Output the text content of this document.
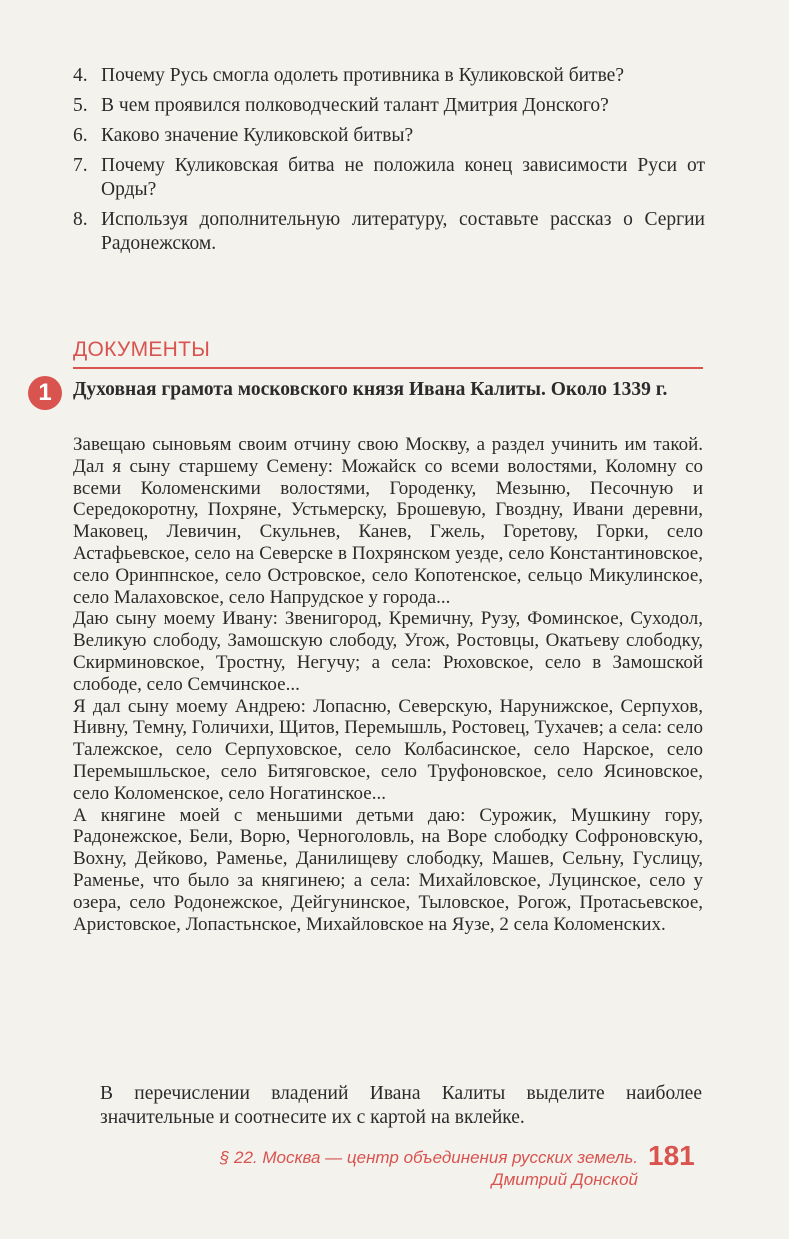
4. Почему Русь смогла одолеть противника в Куликовской битве?
5. В чем проявился полководческий талант Дмитрия Донского?
6. Каково значение Куликовской битвы?
7. Почему Куликовская битва не положила конец зависимости Руси от Орды?
8. Используя дополнительную литературу, составьте рассказ о Сергии Радонежском.
ДОКУМЕНТЫ
1	Духовная грамота московского князя Ивана Калиты. Около 1339 г.

Завещаю сыновьям своим отчину свою Москву, а раздел учинить им такой. Дал я сыну старшему Семену: Можайск со всеми волостями, Коломну со всеми Коломенскими волостями, Городенку, Мезыню, Песочную и Середокоротну, Похряне, Устьмерску, Брошевую, Гвоздну, Ивани деревни, Маковец, Левичин, Скульнев, Канев, Гжель, Горетову, Горки, село Астафьевское, село на Северске в Похрянском уезде, село Константиновское, село Оринпнское, село Островское, село Копотенское, сельцо Микулинское, село Малаховское, село Напрудское у города...

Даю сыну моему Ивану: Звенигород, Кремичну, Рузу, Фоминское, Суходол, Великую слободу, Замошскую слободу, Угож, Ростовцы, Окатьеву слободку, Скирминовское, Тростну, Негучу; а села: Рюховское, село в Замошской слободе, село Семчинское...

Я дал сыну моему Андрею: Лопасню, Северскую, Нарунижское, Серпухов, Нивну, Темну, Голичихи, Щитов, Перемышль, Ростовец, Тухачев; а села: село Талежское, село Серпуховское, село Колбасинское, село Нарское, село Перемышльское, село Битяговское, село Труфоновское, село Ясиновское, село Коломенское, село Ногатинское...

А княгине моей с меньшими детьми даю: Сурожик, Мушкину гору, Радонежское, Бели, Ворю, Черноголовль, на Воре слободку Софроновскую, Вохну, Дейково, Раменье, Данилищеву слободку, Машев, Сельну, Гуслицу, Раменье, что было за княгинею; а села: Михайловское, Луцинское, село у озера, село Родонежское, Дейгунинское, Тыловское, Рогож, Протасьевское, Аристовское, Лопастьнское, Михайловское на Яузе, 2 села Коломенских.

В перечислении владений Ивана Калиты выделите наиболее значительные и соотнесите их с картой на вклейке.
§ 22. Москва — центр объединения русских земель. 181
Дмитрий Донской
